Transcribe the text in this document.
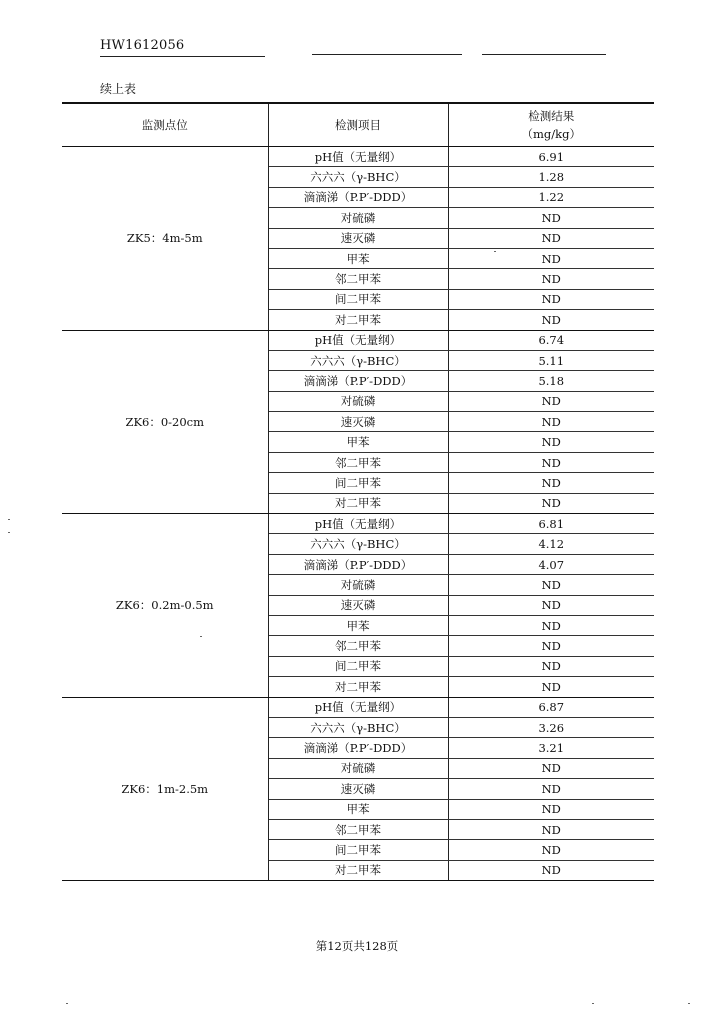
HW1612056
续上表
监测点位	检测项目	检测结果
（mg/kg）

ZK5：4m-5m	pH值（无量纲）	6.91
	六六六（γ-BHC）	1.28
	滴滴涕（P.P′-DDD）	1.22
	对硫磷	ND
	速灭磷	ND
	甲苯	ND
	邻二甲苯	ND
	间二甲苯	ND
	对二甲苯	ND
ZK6：0-20cm	pH值（无量纲）	6.74
	六六六（γ-BHC）	5.11
	滴滴涕（P.P′-DDD）	5.18
	对硫磷	ND
	速灭磷	ND
	甲苯	ND
	邻二甲苯	ND
	间二甲苯	ND
	对二甲苯	ND
ZK6：0.2m-0.5m	pH值（无量纲）	6.81
	六六六（γ-BHC）	4.12
	滴滴涕（P.P′-DDD）	4.07
	对硫磷	ND
	速灭磷	ND
	甲苯	ND
	邻二甲苯	ND
	间二甲苯	ND
	对二甲苯	ND
ZK6：1m-2.5m	pH值（无量纲）	6.87
	六六六（γ-BHC）	3.26
	滴滴涕（P.P′-DDD）	3.21
	对硫磷	ND
	速灭磷	ND
	甲苯	ND
	邻二甲苯	ND
	间二甲苯	ND
	对二甲苯	ND
第12页共128页
